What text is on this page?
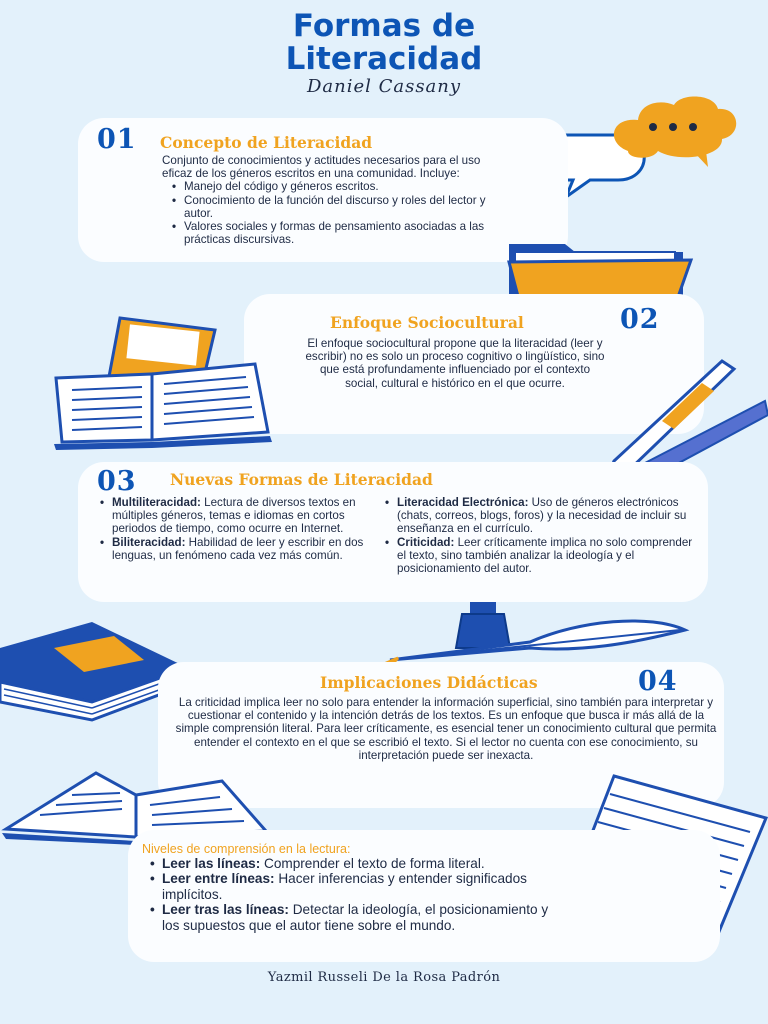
Formas de
Literacidad
Daniel Cassany
01 Concepto de Literacidad
Conjunto de conocimientos y actitudes necesarios para el uso eficaz de los géneros escritos en una comunidad. Incluye:
• Manejo del código y géneros escritos.
• Conocimiento de la función del discurso y roles del lector y autor.
• Valores sociales y formas de pensamiento asociadas a las prácticas discursivas.
Enfoque Sociocultural	02
El enfoque sociocultural propone que la literacidad (leer y escribir) no es solo un proceso cognitivo o lingüístico, sino que está profundamente influenciado por el contexto social, cultural e histórico en el que ocurre.
03 Nuevas Formas de Literacidad
• Multiliteracidad: Lectura de diversos textos en múltiples géneros, temas e idiomas en cortos periodos de tiempo, como ocurre en Internet.
• Biliteracidad: Habilidad de leer y escribir en dos lenguas, un fenómeno cada vez más común.
• Literacidad Electrónica: Uso de géneros electrónicos (chats, correos, blogs, foros) y la necesidad de incluir su enseñanza en el currículo.
• Criticidad: Leer críticamente implica no solo comprender el texto, sino también analizar la ideología y el posicionamiento del autor.
Implicaciones Didácticas	04
La criticidad implica leer no solo para entender la información superficial, sino también para interpretar y cuestionar el contenido y la intención detrás de los textos. Es un enfoque que busca ir más allá de la simple comprensión literal. Para leer críticamente, es esencial tener un conocimiento cultural que permita entender el contexto en el que se escribió el texto. Si el lector no cuenta con ese conocimiento, su interpretación puede ser inexacta.
Niveles de comprensión en la lectura:
• Leer las líneas: Comprender el texto de forma literal.
• Leer entre líneas: Hacer inferencias y entender significados implícitos.
• Leer tras las líneas: Detectar la ideología, el posicionamiento y los supuestos que el autor tiene sobre el mundo.
Yazmil Russeli De la Rosa Padrón
